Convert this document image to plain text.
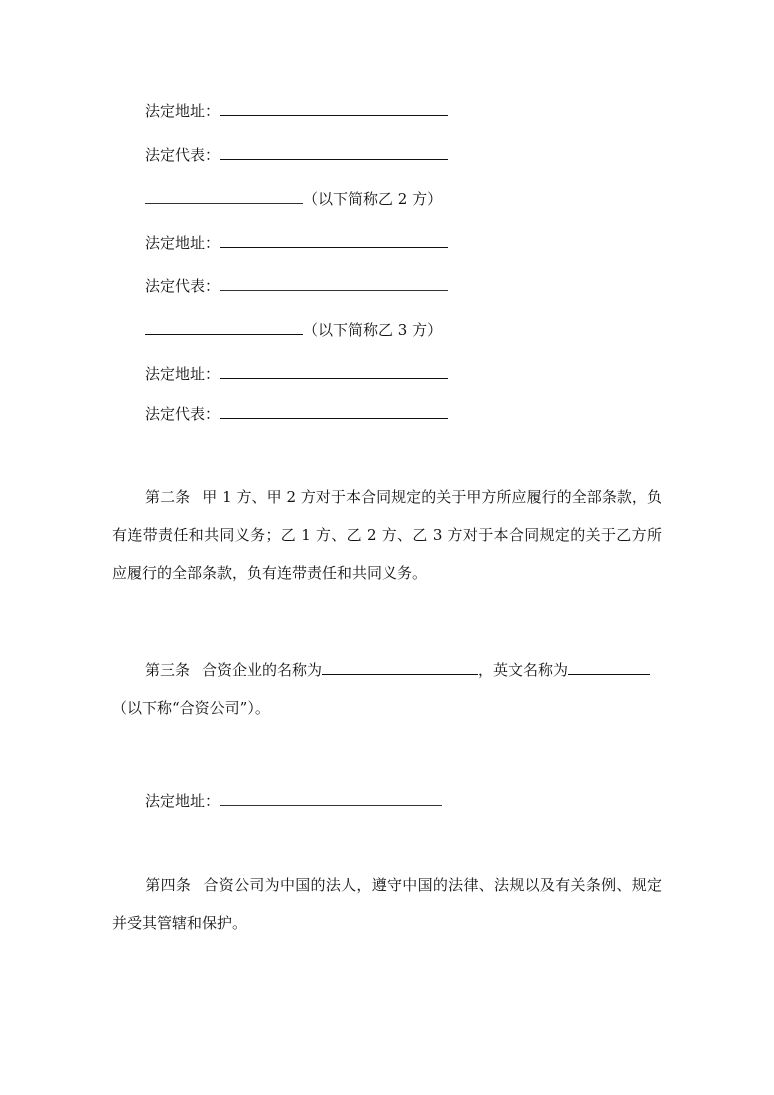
法定地址：
法定代表：
（以下简称乙 2 方）
法定地址：
法定代表：
（以下简称乙 3 方）
法定地址：
法定代表：
第二条 甲 1 方、甲 2 方对于本合同规定的关于甲方所应履行的全部条款，负有连带责任和共同义务；乙 1 方、乙 2 方、乙 3 方对于本合同规定的关于乙方所应履行的全部条款，负有连带责任和共同义务。
第三条 合资企业的名称为	，英文名称为
（以下称“合资公司”）。
法定地址：
第四条 合资公司为中国的法人，遵守中国的法律、法规以及有关条例、规定并受其管辖和保护。
